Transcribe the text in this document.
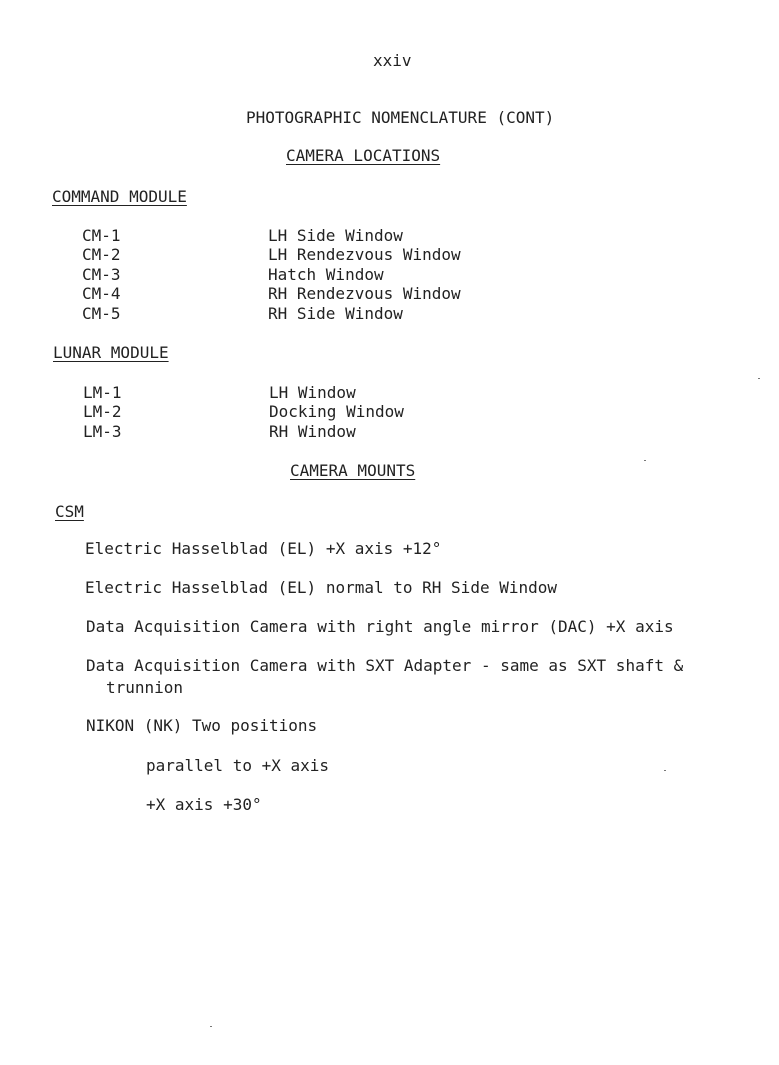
xxiv
PHOTOGRAPHIC NOMENCLATURE (CONT)
CAMERA LOCATIONS
COMMAND MODULE
CM-1	LH Side Window
CM-2	LH Rendezvous Window
CM-3	Hatch Window
CM-4	RH Rendezvous Window
CM-5	RH Side Window
LUNAR MODULE
LM-1	LH Window
LM-2	Docking Window
LM-3	RH Window
CAMERA MOUNTS
CSM
Electric Hasselblad (EL) +X axis +12°
Electric Hasselblad (EL) normal to RH Side Window
Data Acquisition Camera with right angle mirror (DAC) +X axis
Data Acquisition Camera with SXT Adapter - same as SXT shaft &
trunnion
NIKON (NK) Two positions
parallel to +X axis
+X axis +30°
